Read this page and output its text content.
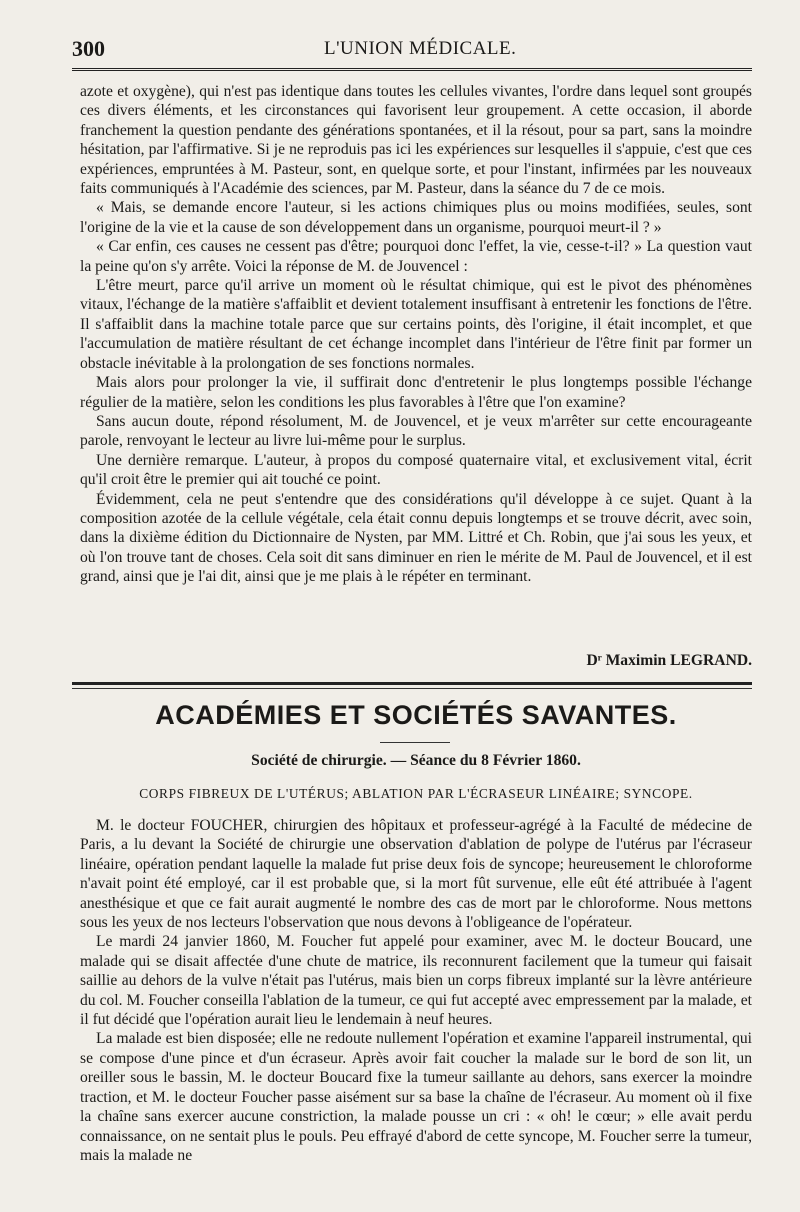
300	L'UNION MÉDICALE.

azote et oxygène), qui n'est pas identique dans toutes les cellules vivantes, l'ordre dans lequel sont groupés ces divers éléments, et les circonstances qui favorisent leur groupement. A cette occasion, il aborde franchement la question pendante des générations spontanées, et il la résout, pour sa part, sans la moindre hésitation, par l'affirmative. Si je ne reproduis pas ici les expériences sur lesquelles il s'appuie, c'est que ces expériences, empruntées à M. Pasteur, sont, en quelque sorte, et pour l'instant, infirmées par les nouveaux faits communiqués à l'Académie des sciences, par M. Pasteur, dans la séance du 7 de ce mois.

« Mais, se demande encore l'auteur, si les actions chimiques plus ou moins modifiées, seules, sont l'origine de la vie et la cause de son développement dans un organisme, pourquoi meurt-il ? »

« Car enfin, ces causes ne cessent pas d'être; pourquoi donc l'effet, la vie, cesse-t-il? » La question vaut la peine qu'on s'y arrête. Voici la réponse de M. de Jouvencel :

L'être meurt, parce qu'il arrive un moment où le résultat chimique, qui est le pivot des phénomènes vitaux, l'échange de la matière s'affaiblit et devient totalement insuffisant à entretenir les fonctions de l'être. Il s'affaiblit dans la machine totale parce que sur certains points, dès l'origine, il était incomplet, et que l'accumulation de matière résultant de cet échange incomplet dans l'intérieur de l'être finit par former un obstacle inévitable à la prolongation de ses fonctions normales.

Mais alors pour prolonger la vie, il suffirait donc d'entretenir le plus longtemps possible l'échange régulier de la matière, selon les conditions les plus favorables à l'être que l'on examine?

Sans aucun doute, répond résolument, M. de Jouvencel, et je veux m'arrêter sur cette encourageante parole, renvoyant le lecteur au livre lui-même pour le surplus.

Une dernière remarque. L'auteur, à propos du composé quaternaire vital, et exclusivement vital, écrit qu'il croit être le premier qui ait touché ce point.

Évidemment, cela ne peut s'entendre que des considérations qu'il développe à ce sujet. Quant à la composition azotée de la cellule végétale, cela était connu depuis longtemps et se trouve décrit, avec soin, dans la dixième édition du Dictionnaire de Nysten, par MM. Littré et Ch. Robin, que j'ai sous les yeux, et où l'on trouve tant de choses. Cela soit dit sans diminuer en rien le mérite de M. Paul de Jouvencel, et il est grand, ainsi que je l'ai dit, ainsi que je me plais à le répéter en terminant.

Dʳ Maximin LEGRAND.
ACADÉMIES ET SOCIÉTÉS SAVANTES.
Société de chirurgie. — Séance du 8 Février 1860.
CORPS FIBREUX DE L'UTÉRUS; ABLATION PAR L'ÉCRASEUR LINÉAIRE; SYNCOPE.

M. le docteur FOUCHER, chirurgien des hôpitaux et professeur-agrégé à la Faculté de médecine de Paris, a lu devant la Société de chirurgie une observation d'ablation de polype de l'utérus par l'écraseur linéaire, opération pendant laquelle la malade fut prise deux fois de syncope; heureusement le chloroforme n'avait point été employé, car il est probable que, si la mort fût survenue, elle eût été attribuée à l'agent anesthésique et que ce fait aurait augmenté le nombre des cas de mort par le chloroforme. Nous mettons sous les yeux de nos lecteurs l'observation que nous devons à l'obligeance de l'opérateur.

Le mardi 24 janvier 1860, M. Foucher fut appelé pour examiner, avec M. le docteur Boucard, une malade qui se disait affectée d'une chute de matrice, ils reconnurent facilement que la tumeur qui faisait saillie au dehors de la vulve n'était pas l'utérus, mais bien un corps fibreux implanté sur la lèvre antérieure du col. M. Foucher conseilla l'ablation de la tumeur, ce qui fut accepté avec empressement par la malade, et il fut décidé que l'opération aurait lieu le lendemain à neuf heures.

La malade est bien disposée; elle ne redoute nullement l'opération et examine l'appareil instrumental, qui se compose d'une pince et d'un écraseur. Après avoir fait coucher la malade sur le bord de son lit, un oreiller sous le bassin, M. le docteur Boucard fixe la tumeur saillante au dehors, sans exercer la moindre traction, et M. le docteur Foucher passe aisément sur sa base la chaîne de l'écraseur. Au moment où il fixe la chaîne sans exercer aucune constriction, la malade pousse un cri : « oh! le cœur; » elle avait perdu connaissance, on ne sentait plus le pouls. Peu effrayé d'abord de cette syncope, M. Foucher serre la tumeur, mais la malade ne
